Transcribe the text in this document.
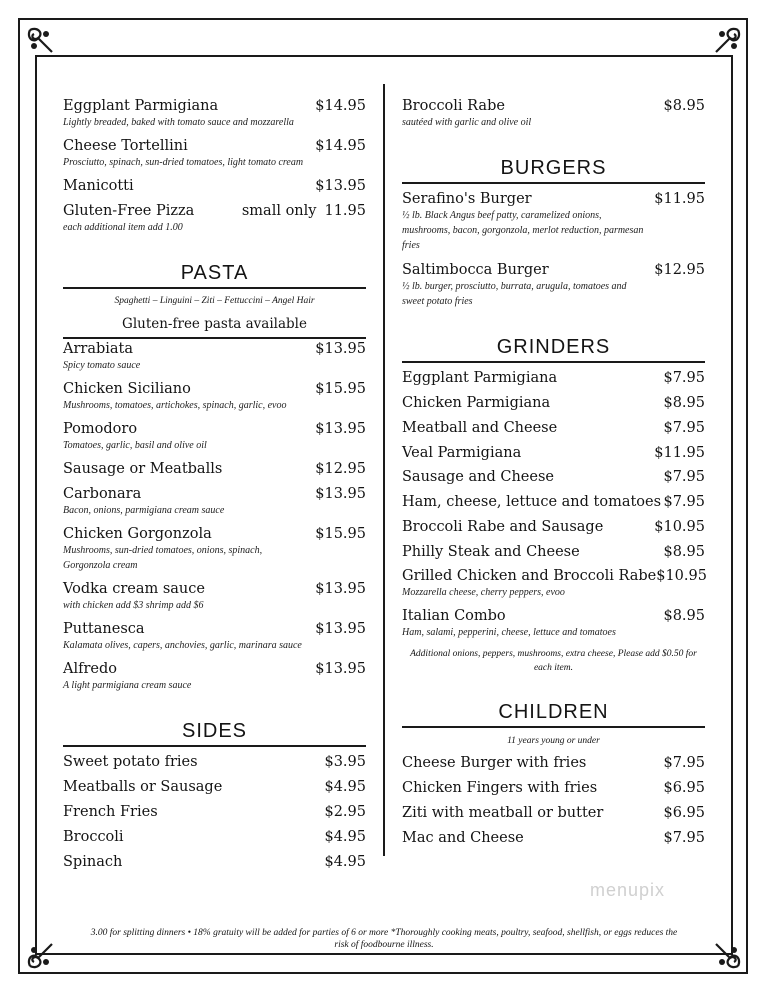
Eggplant Parmigiana	$14.95
Lightly breaded, baked with tomato sauce and mozzarella
Cheese Tortellini	$14.95
Prosciutto, spinach, sun-dried tomatoes, light tomato cream
Manicotti	$13.95
Gluten-Free Pizza	small only 11.95
each additional item add 1.00
PASTA
Spaghetti – Linguini – Ziti – Fettuccini – Angel Hair
Gluten-free pasta available
Arrabiata	$13.95
Spicy tomato sauce
Chicken Siciliano	$15.95
Mushrooms, tomatoes, artichokes, spinach, garlic, evoo
Pomodoro	$13.95
Tomatoes, garlic, basil and olive oil
Sausage or Meatballs	$12.95
Carbonara	$13.95
Bacon, onions, parmigiana cream sauce
Chicken Gorgonzola	$15.95
Mushrooms, sun-dried tomatoes, onions, spinach,
Gorgonzola cream
Vodka cream sauce	$13.95
with chicken add $3 shrimp add $6
Puttanesca	$13.95
Kalamata olives, capers, anchovies, garlic, marinara sauce
Alfredo	$13.95
A light parmigiana cream sauce
SIDES
Sweet potato fries	$3.95
Meatballs or Sausage	$4.95
French Fries	$2.95
Broccoli	$4.95
Spinach	$4.95
Broccoli Rabe	$8.95
sautéed with garlic and olive oil
BURGERS
Serafino's Burger	$11.95
½ lb. Black Angus beef patty, caramelized onions,
mushrooms, bacon, gorgonzola, merlot reduction, parmesan
fries
Saltimbocca Burger	$12.95
½ lb. burger, prosciutto, burrata, arugula, tomatoes and
sweet potato fries
GRINDERS
Eggplant Parmigiana	$7.95
Chicken Parmigiana	$8.95
Meatball and Cheese	$7.95
Veal Parmigiana	$11.95
Sausage and Cheese	$7.95
Ham, cheese, lettuce and tomatoes $7.95
Broccoli Rabe and Sausage	$10.95
Philly Steak and Cheese	$8.95
Grilled Chicken and Broccoli Rabe $10.95
Mozzarella cheese, cherry peppers, evoo
Italian Combo	$8.95
Ham, salami, pepperini, cheese, lettuce and tomatoes
Additional onions, peppers, mushrooms, extra cheese, Please add $0.50 for
each item.
CHILDREN
11 years young or under
Cheese Burger with fries	$7.95
Chicken Fingers with fries	$6.95
Ziti with meatball or butter	$6.95
Mac and Cheese	$7.95
menupix
3.00 for splitting dinners • 18% gratuity will be added for parties of 6 or more *Thoroughly cooking meats, poultry, seafood, shellfish, or eggs reduces the
risk of foodbourne illness.
